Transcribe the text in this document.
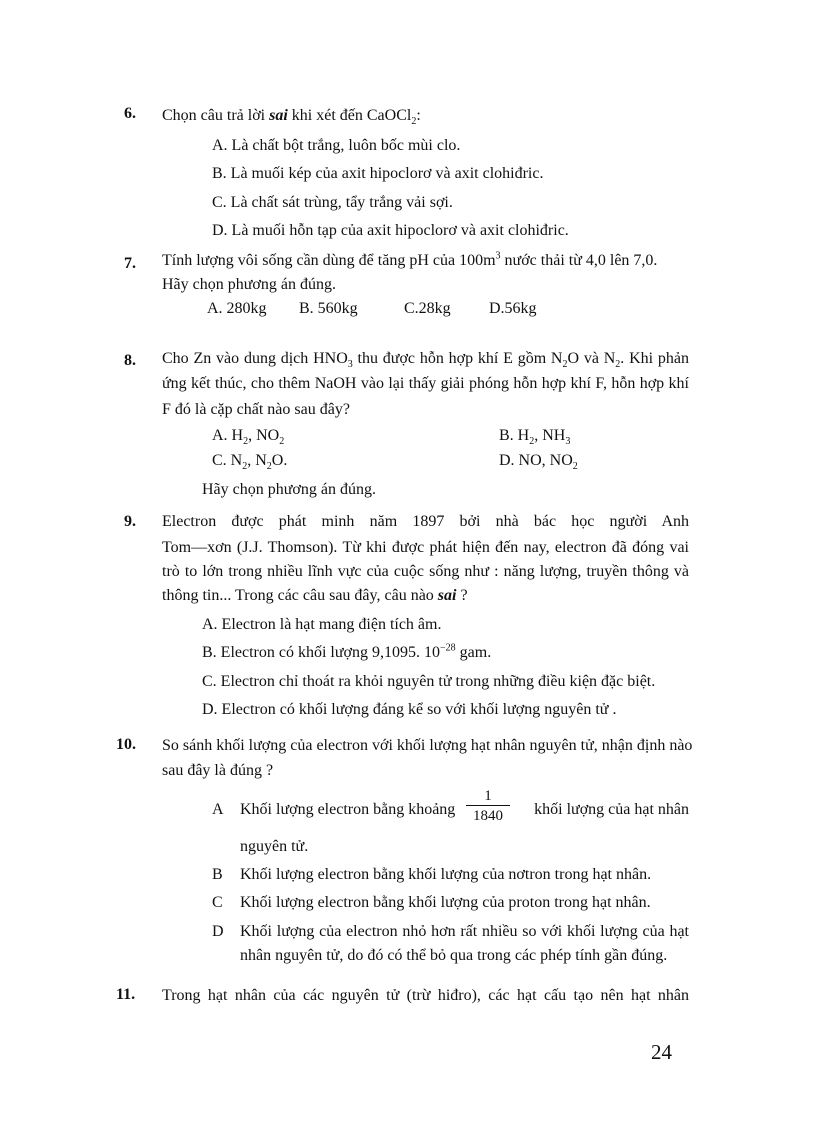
6. Chọn câu trả lời sai khi xét đến CaOCl$_2$:
A. Là chất bột trắng, luôn bốc mùi clo.
B. Là muối kép của axit hipoclorơ và axit clohiđric.
C. Là chất sát trùng, tẩy trắng vải sợi.
D. Là muối hỗn tạp của axit hipoclorơ và axit clohiđric.
7. Tính lượng vôi sống cần dùng để tăng pH của $100m^3$ nước thải từ 4,0 lên 7,0.
Hãy chọn phương án đúng.
A. 280kg B. 560kg	C.28kg D.56kg
8. Cho Zn vào dung dịch $HNO_3$ thu được hỗn hợp khí E gồm $N_2O$ và $N_2$. Khi phản
ứng kết thúc, cho thêm NaOH vào lại thấy giải phóng hỗn hợp khí F, hỗn hợp khí
F đó là cặp chất nào sau đây?
A. $H_2$, $NO_2$	B. $H_2$, $NH_3$
C. $N_2$, $N_2O$.	D. NO, $NO_2$
Hãy chọn phương án đúng.
9. Electron được phát minh năm 1897 bởi nhà bác học người Anh
Tom—xơn (J.J. Thomson). Từ khi được phát hiện đến nay, electron đã đóng vai
trò to lớn trong nhiều lĩnh vực của cuộc sống như : năng lượng, truyền thông và
thông tin... Trong các câu sau đây, câu nào sai ?
A. Electron là hạt mang điện tích âm.
B. Electron có khối lượng 9,1095. $10^{-28}$ gam.
C. Electron chỉ thoát ra khỏi nguyên tử trong những điều kiện đặc biệt.
D. Electron có khối lượng đáng kể so với khối lượng nguyên tử .
10. So sánh khối lượng của electron với khối lượng hạt nhân nguyên tử, nhận định nào
sau đây là đúng ?
A Khối lượng electron bằng khoảng $\frac{1}{1840}$	khối lượng của hạt nhân
nguyên tử.
B Khối lượng electron bằng khối lượng của nơtron trong hạt nhân.
C Khối lượng electron bằng khối lượng của proton trong hạt nhân.
D Khối lượng của electron nhỏ hơn rất nhiều so với khối lượng của hạt
nhân nguyên tử, do đó có thể bỏ qua trong các phép tính gần đúng.
11. Trong hạt nhân của các nguyên tử (trừ hiđro), các hạt cấu tạo nên hạt nhân
24
